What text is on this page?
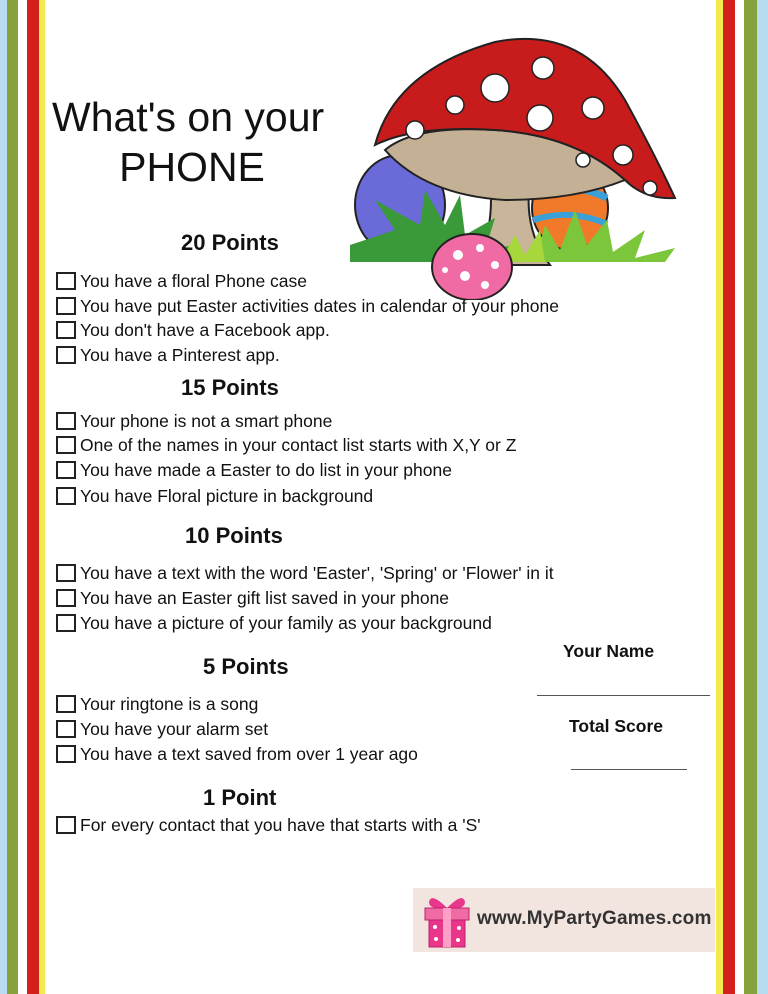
What's on your
PHONE
20 Points
You have a floral Phone case
You have put Easter activities dates in calendar of your phone
You don't have a Facebook app.
You have a Pinterest app.
15 Points
Your phone is not a smart phone
One of the names in your contact list starts with X,Y or Z
You have made a Easter to do list in your phone
You have Floral picture in background
10 Points
You have a text with the word 'Easter', 'Spring' or 'Flower' in it
You have an Easter gift list saved in your phone
You have a picture of your family as your background
5 Points
Your ringtone is a song
You have your alarm set
You have a text saved from over 1 year ago
1 Point
For every contact that you have that starts with a 'S'
Your Name
Total Score
www.MyPartyGames.com
